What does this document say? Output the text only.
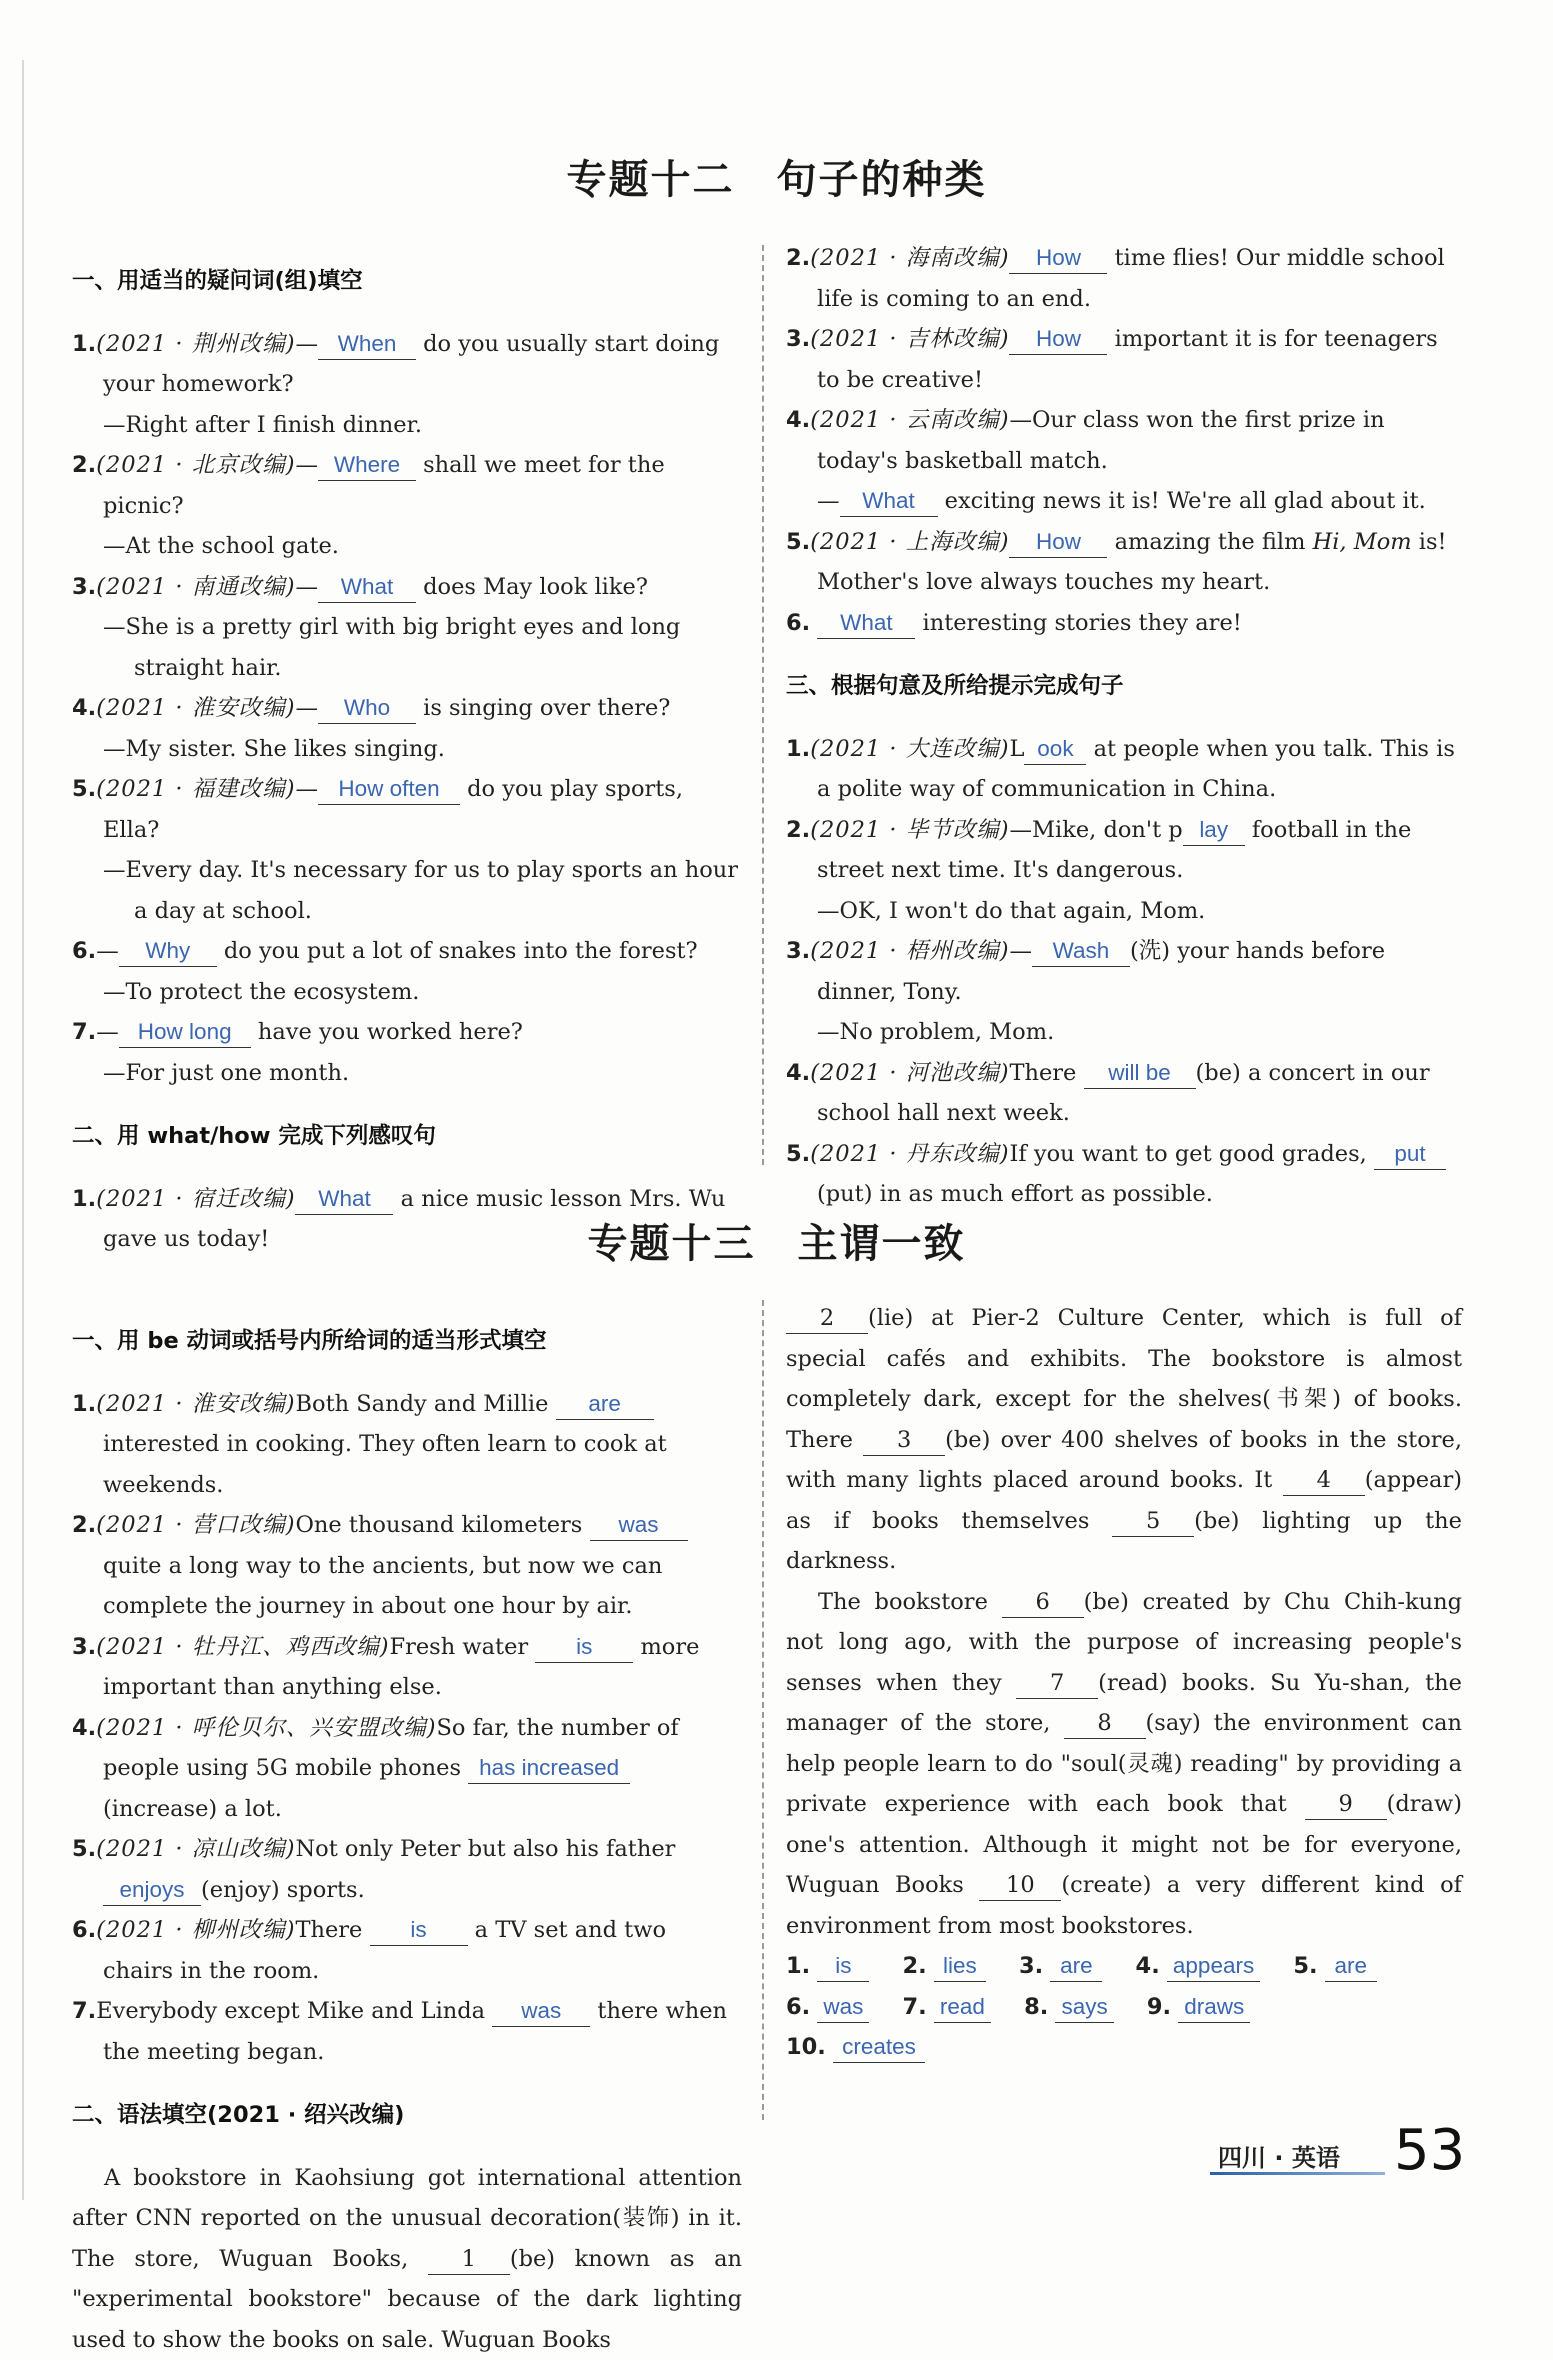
专题十二　句子的种类

一、用适当的疑问词(组)填空

1.(2021 · 荆州改编)— When do you usually start doing your homework?

—Right after I finish dinner.

2.(2021 · 北京改编)— Where shall we meet for the picnic?

—At the school gate.

3.(2021 · 南通改编)— What does May look like?

—She is a pretty girl with big bright eyes and long straight hair.

4.(2021 · 淮安改编)— Who is singing over there?

—My sister. She likes singing.

5.(2021 · 福建改编)— How often do you play sports, Ella?

—Every day. It's necessary for us to play sports an hour a day at school.

6.— Why do you put a lot of snakes into the forest?

—To protect the ecosystem.

7.— How long have you worked here?

—For just one month.

二、用 what/how 完成下列感叹句

1.(2021 · 宿迁改编) What a nice music lesson Mrs. Wu gave us today!

2.(2021 · 海南改编) How time flies! Our middle school life is coming to an end.

3.(2021 · 吉林改编) How important it is for teenagers to be creative!

4.(2021 · 云南改编)—Our class won the first prize in today's basketball match.

— What exciting news it is! We're all glad about it.

5.(2021 · 上海改编) How amazing the film Hi, Mom is! Mother's love always touches my heart.

6. What interesting stories they are!

三、根据句意及所给提示完成句子

1.(2021 · 大连改编)L ook at people when you talk. This is a polite way of communication in China.

2.(2021 · 毕节改编)—Mike, don't p lay football in the street next time. It's dangerous.

—OK, I won't do that again, Mom.

3.(2021 · 梧州改编)— Wash (洗) your hands before dinner, Tony.

—No problem, Mom.

4.(2021 · 河池改编)There will be (be) a concert in our school hall next week.

5.(2021 · 丹东改编)If you want to get good grades, put(put) in as much effort as possible.

专题十三　主谓一致

一、用 be 动词或括号内所给词的适当形式填空

1.(2021 · 淮安改编)Both Sandy and Millie are interested in cooking. They often learn to cook at weekends.

2.(2021 · 营口改编)One thousand kilometers was quite a long way to the ancients, but now we can complete the journey in about one hour by air.

3.(2021 · 牡丹江、鸡西改编)Fresh water is more important than anything else.

4.(2021 · 呼伦贝尔、兴安盟改编)So far, the number of people using 5G mobile phones has increased(increase) a lot.

5.(2021 · 凉山改编)Not only Peter but also his father enjoys (enjoy) sports.

6.(2021 · 柳州改编)There is a TV set and two chairs in the room.

7.Everybody except Mike and Linda was there when the meeting began.

二、语法填空(2021 · 绍兴改编)

A bookstore in Kaohsiung got international attention after CNN reported on the unusual decoration(装饰) in it. The store, Wuguan Books, 1 (be) known as an "experimental bookstore" because of the dark lighting used to show the books on sale. Wuguan Books

2 (lie) at Pier-2 Culture Center, which is full of special cafés and exhibits. The bookstore is almost completely dark, except for the shelves(书架) of books. There 3 (be) over 400 shelves of books in the store, with many lights placed around books. It 4 (appear) as if books themselves 5 (be) lighting up the darkness.

The bookstore 6 (be) created by Chu Chih-kung not long ago, with the purpose of increasing people's senses when they 7 (read) books. Su Yu-shan, the manager of the store, 8 (say) the environment can help people learn to do "soul(灵魂) reading" by providing a private experience with each book that 9 (draw) one's attention. Although it might not be for everyone, Wuguan Books 10 (create) a very different kind of environment from most bookstores.

1. is 2. lies 3. are 4. appears 5. are

6. was 7. read 8. says 9. draws

10. creates

四川 · 英语 53
